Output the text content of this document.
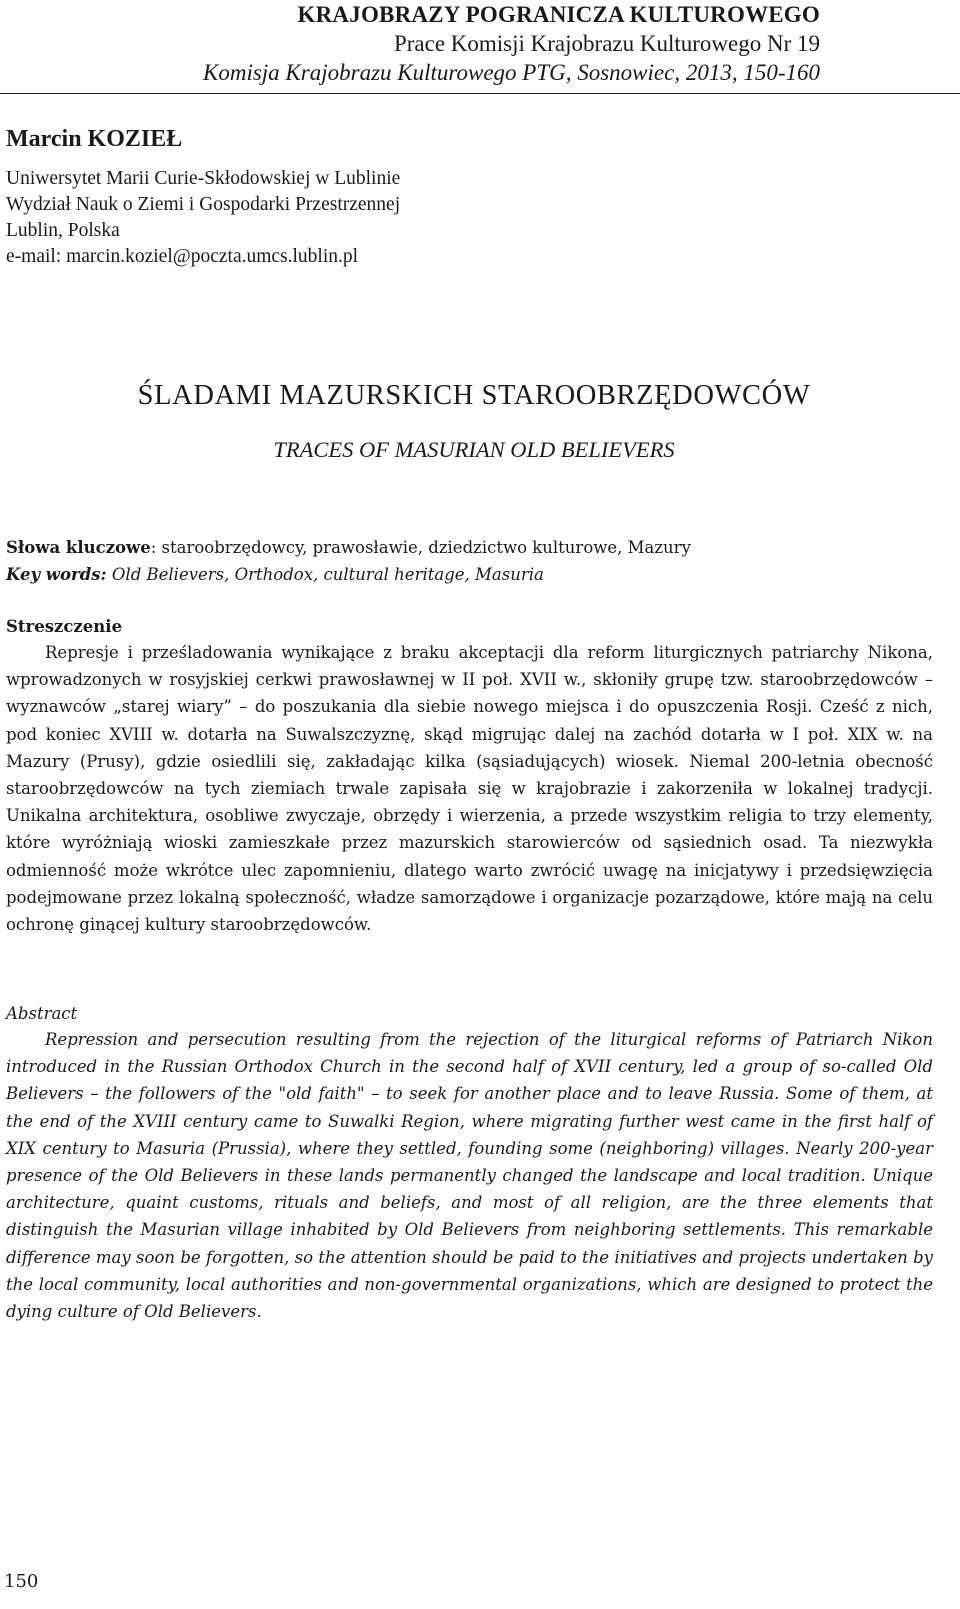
KRAJOBRAZY POGRANICZA KULTUROWEGO
Prace Komisji Krajobrazu Kulturowego Nr 19
Komisja Krajobrazu Kulturowego PTG, Sosnowiec, 2013, 150-160
Marcin KOZIEŁ
Uniwersytet Marii Curie-Skłodowskiej w Lublinie
Wydział Nauk o Ziemi i Gospodarki Przestrzennej
Lublin, Polska
e-mail: marcin.koziel@poczta.umcs.lublin.pl
ŚLADAMI MAZURSKICH STAROOBRZĘDOWCÓW
TRACES OF MASURIAN OLD BELIEVERS
Słowa kluczowe: staroobrzędowcy, prawosławie, dziedzictwo kulturowe, Mazury
Key words: Old Believers, Orthodox, cultural heritage, Masuria
Streszczenie

Represje i prześladowania wynikające z braku akceptacji dla reform liturgicznych patriarchy Nikona, wprowadzonych w rosyjskiej cerkwi prawosławnej w II poł. XVII w., skłoniły grupę tzw. staroobrzędowców – wyznawców „starej wiary” – do poszukania dla siebie nowego miejsca i do opuszczenia Rosji. Cześć z nich, pod koniec XVIII w. dotarła na Suwalszczyznę, skąd migrując dalej na zachód dotarła w I poł. XIX w. na Mazury (Prusy), gdzie osiedlili się, zakładając kilka (sąsiadujących) wiosek. Niemal 200-letnia obecność staroobrzędowców na tych ziemiach trwale zapisała się w krajobrazie i zakorzeniła w lokalnej tradycji. Unikalna architektura, osobliwe zwyczaje, obrzędy i wierzenia, a przede wszystkim religia to trzy elementy, które wyróżniają wioski zamieszkałe przez mazurskich starowierców od sąsiednich osad. Ta niezwykła odmienność może wkrótce ulec zapomnieniu, dlatego warto zwrócić uwagę na inicjatywy i przedsięwzięcia podejmowane przez lokalną społeczność, władze samorządowe i organizacje pozarządowe, które mają na celu ochronę ginącej kultury staroobrzędowców.

Abstract

Repression and persecution resulting from the rejection of the liturgical reforms of Patriarch Nikon introduced in the Russian Orthodox Church in the second half of XVII century, led a group of so-called Old Believers – the followers of the "old faith" – to seek for another place and to leave Russia. Some of them, at the end of the XVIII century came to Suwalki Region, where migrating further west came in the first half of XIX century to Masuria (Prussia), where they settled, founding some (neighboring) villages. Nearly 200-year presence of the Old Believers in these lands permanently changed the landscape and local tradition. Unique architecture, quaint customs, rituals and beliefs, and most of all religion, are the three elements that distinguish the Masurian village inhabited by Old Believers from neighboring settlements. This remarkable difference may soon be forgotten, so the attention should be paid to the initiatives and projects undertaken by the local community, local authorities and non-governmental organizations, which are designed to protect the dying culture of Old Believers.

150
